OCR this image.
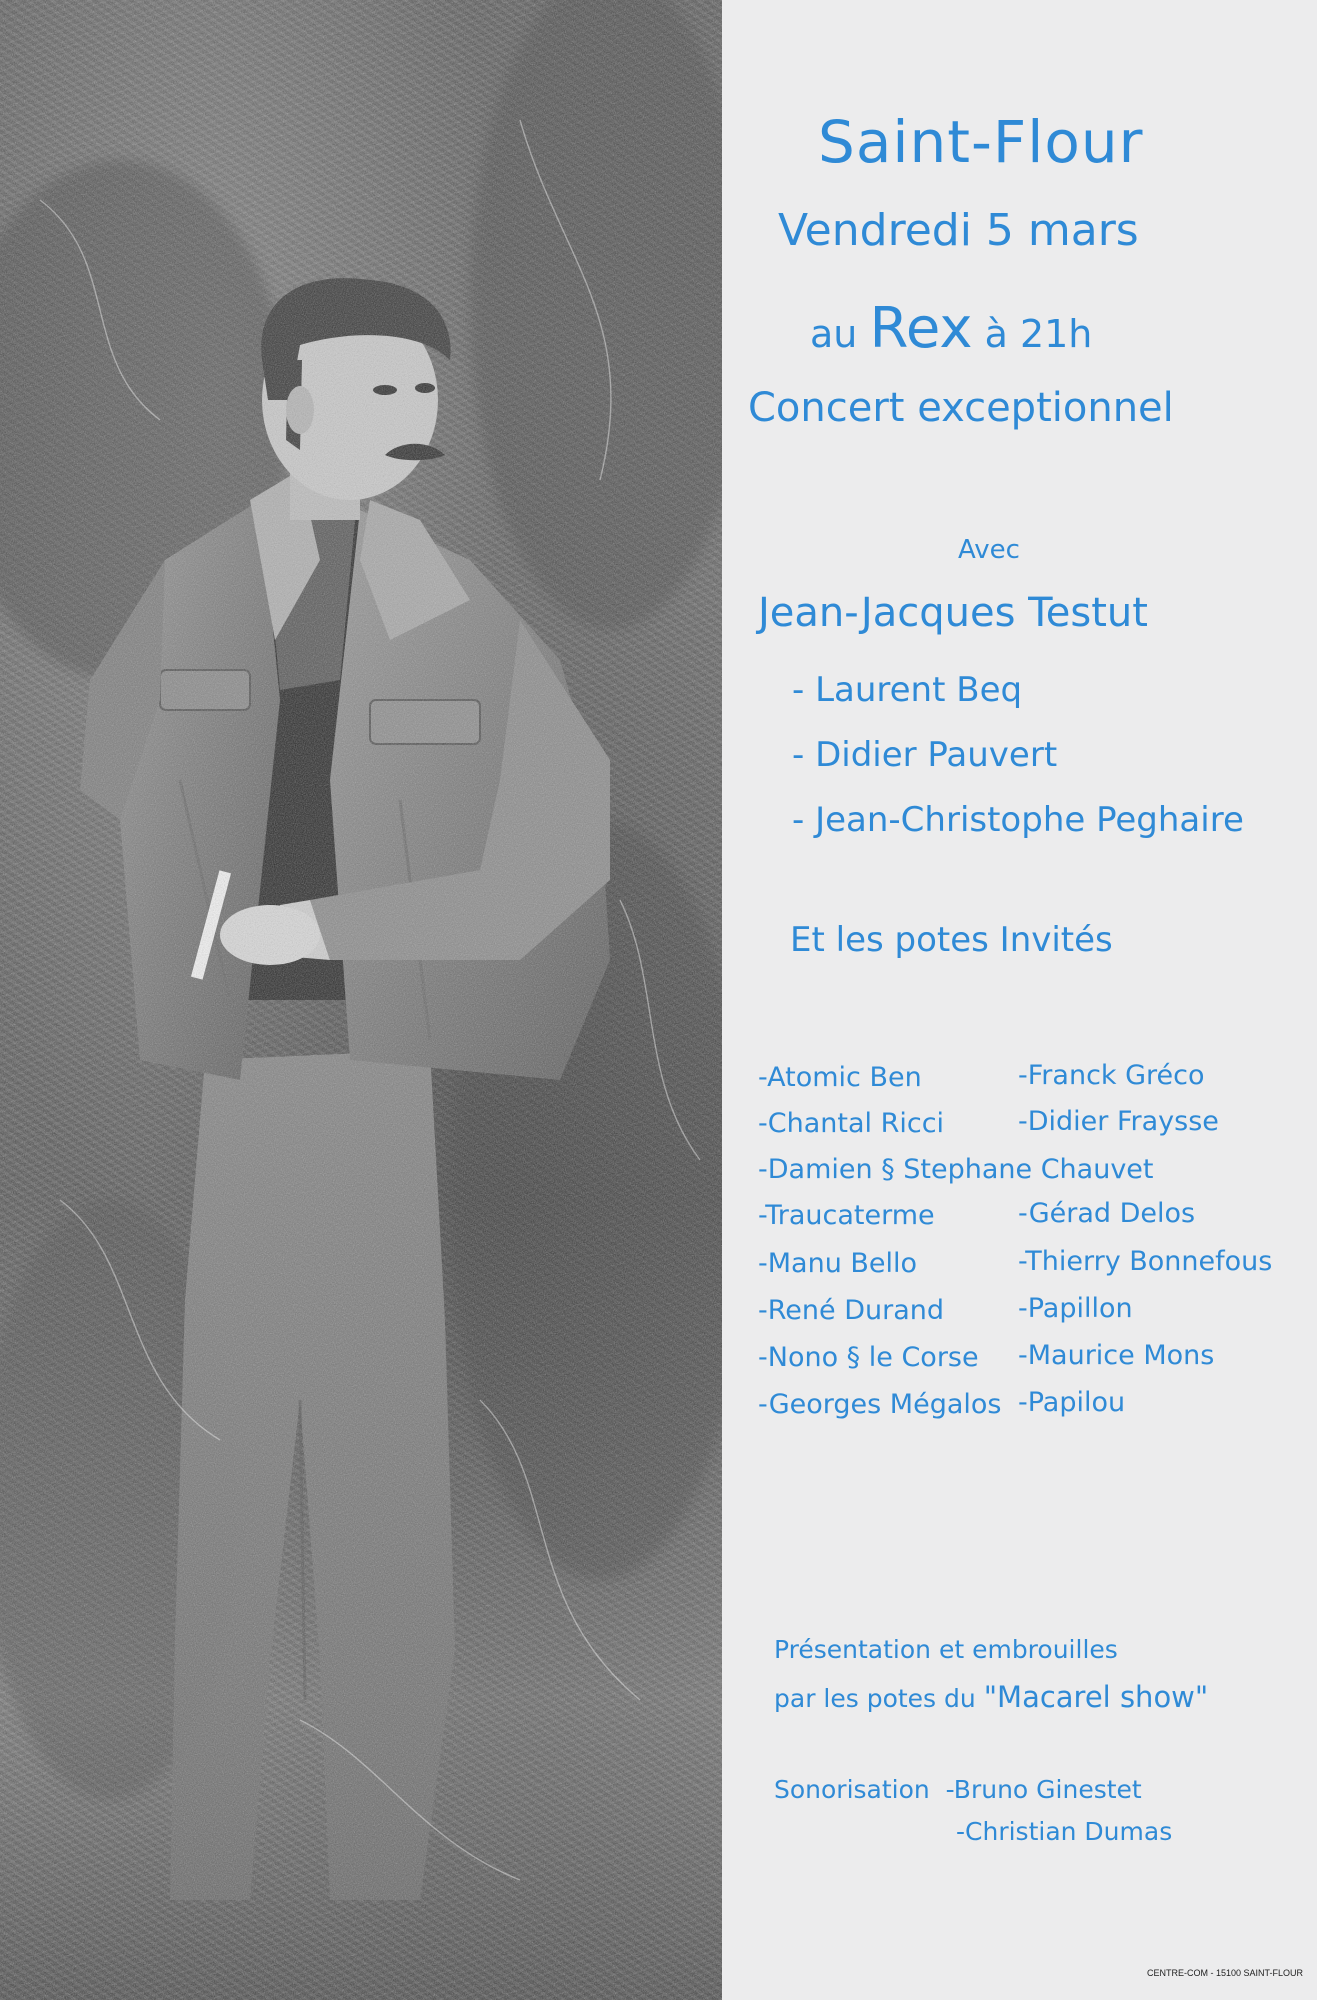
Saint-Flour

Vendredi 5 mars

au Rex à 21h

Concert exceptionnel

Avec

Jean-Jacques Testut

- Laurent Beq

- Didier Pauvert

- Jean-Christophe Peghaire

Et les potes Invités

-Atomic Ben

-Chantal Ricci

-Damien § Stephane Chauvet

-Traucaterme

-Manu Bello

-René Durand

-Nono § le Corse

-Georges Mégalos

-Franck Gréco

-Didier Fraysse

-Gérad Delos

-Thierry Bonnefous

-Papillon

-Maurice Mons

-Papilou

Présentation et embrouilles

par les potes du "Macarel show"

Sonorisation -Bruno Ginestet

-Christian Dumas

CENTRE-COM - 15100 SAINT-FLOUR
